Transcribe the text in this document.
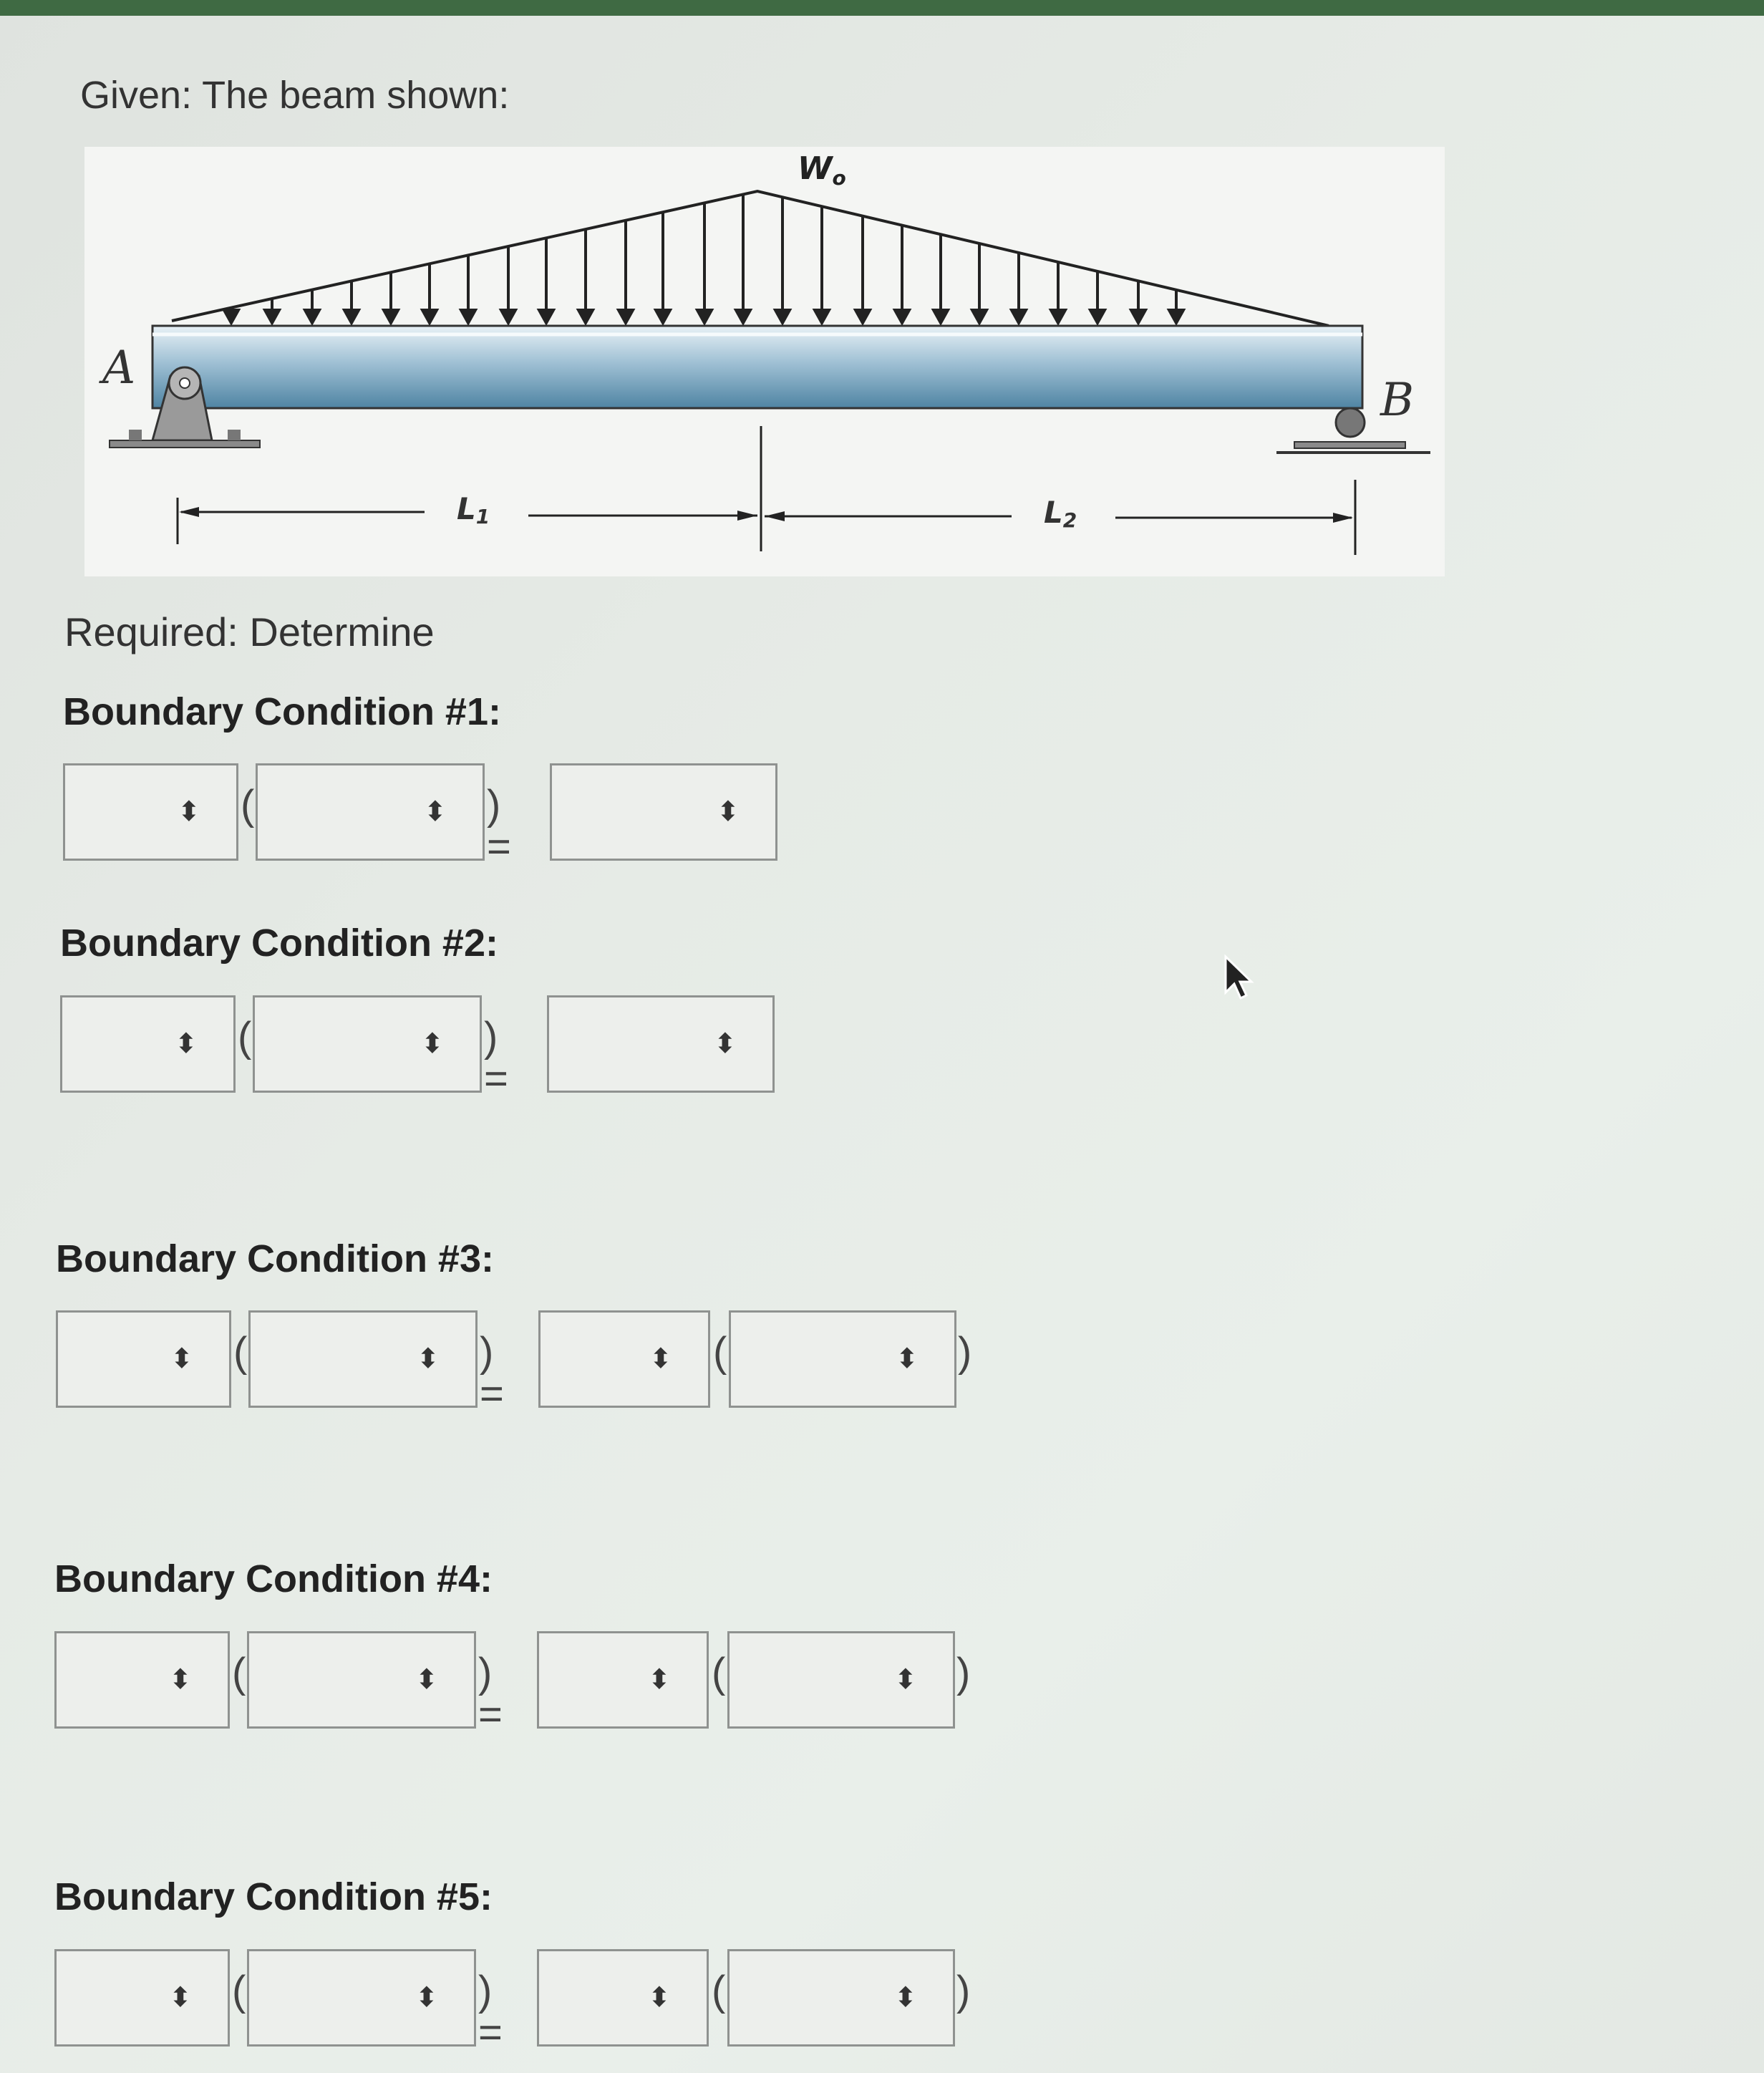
Given: The beam shown:
A
B
Wo
L1	L2
Required: Determine
Boundary Condition #1:
⬍ (	⬍ ) =
⬍
Boundary Condition #2:
⬍ (	⬍ ) =
⬍
Boundary Condition #3:
⬍ (	⬍ ) =
⬍ (	⬍ )
Boundary Condition #4:
⬍ (	⬍ ) =
⬍ (	⬍ )
Boundary Condition #5:
⬍ (	⬍ ) =
⬍ (	⬍ )
